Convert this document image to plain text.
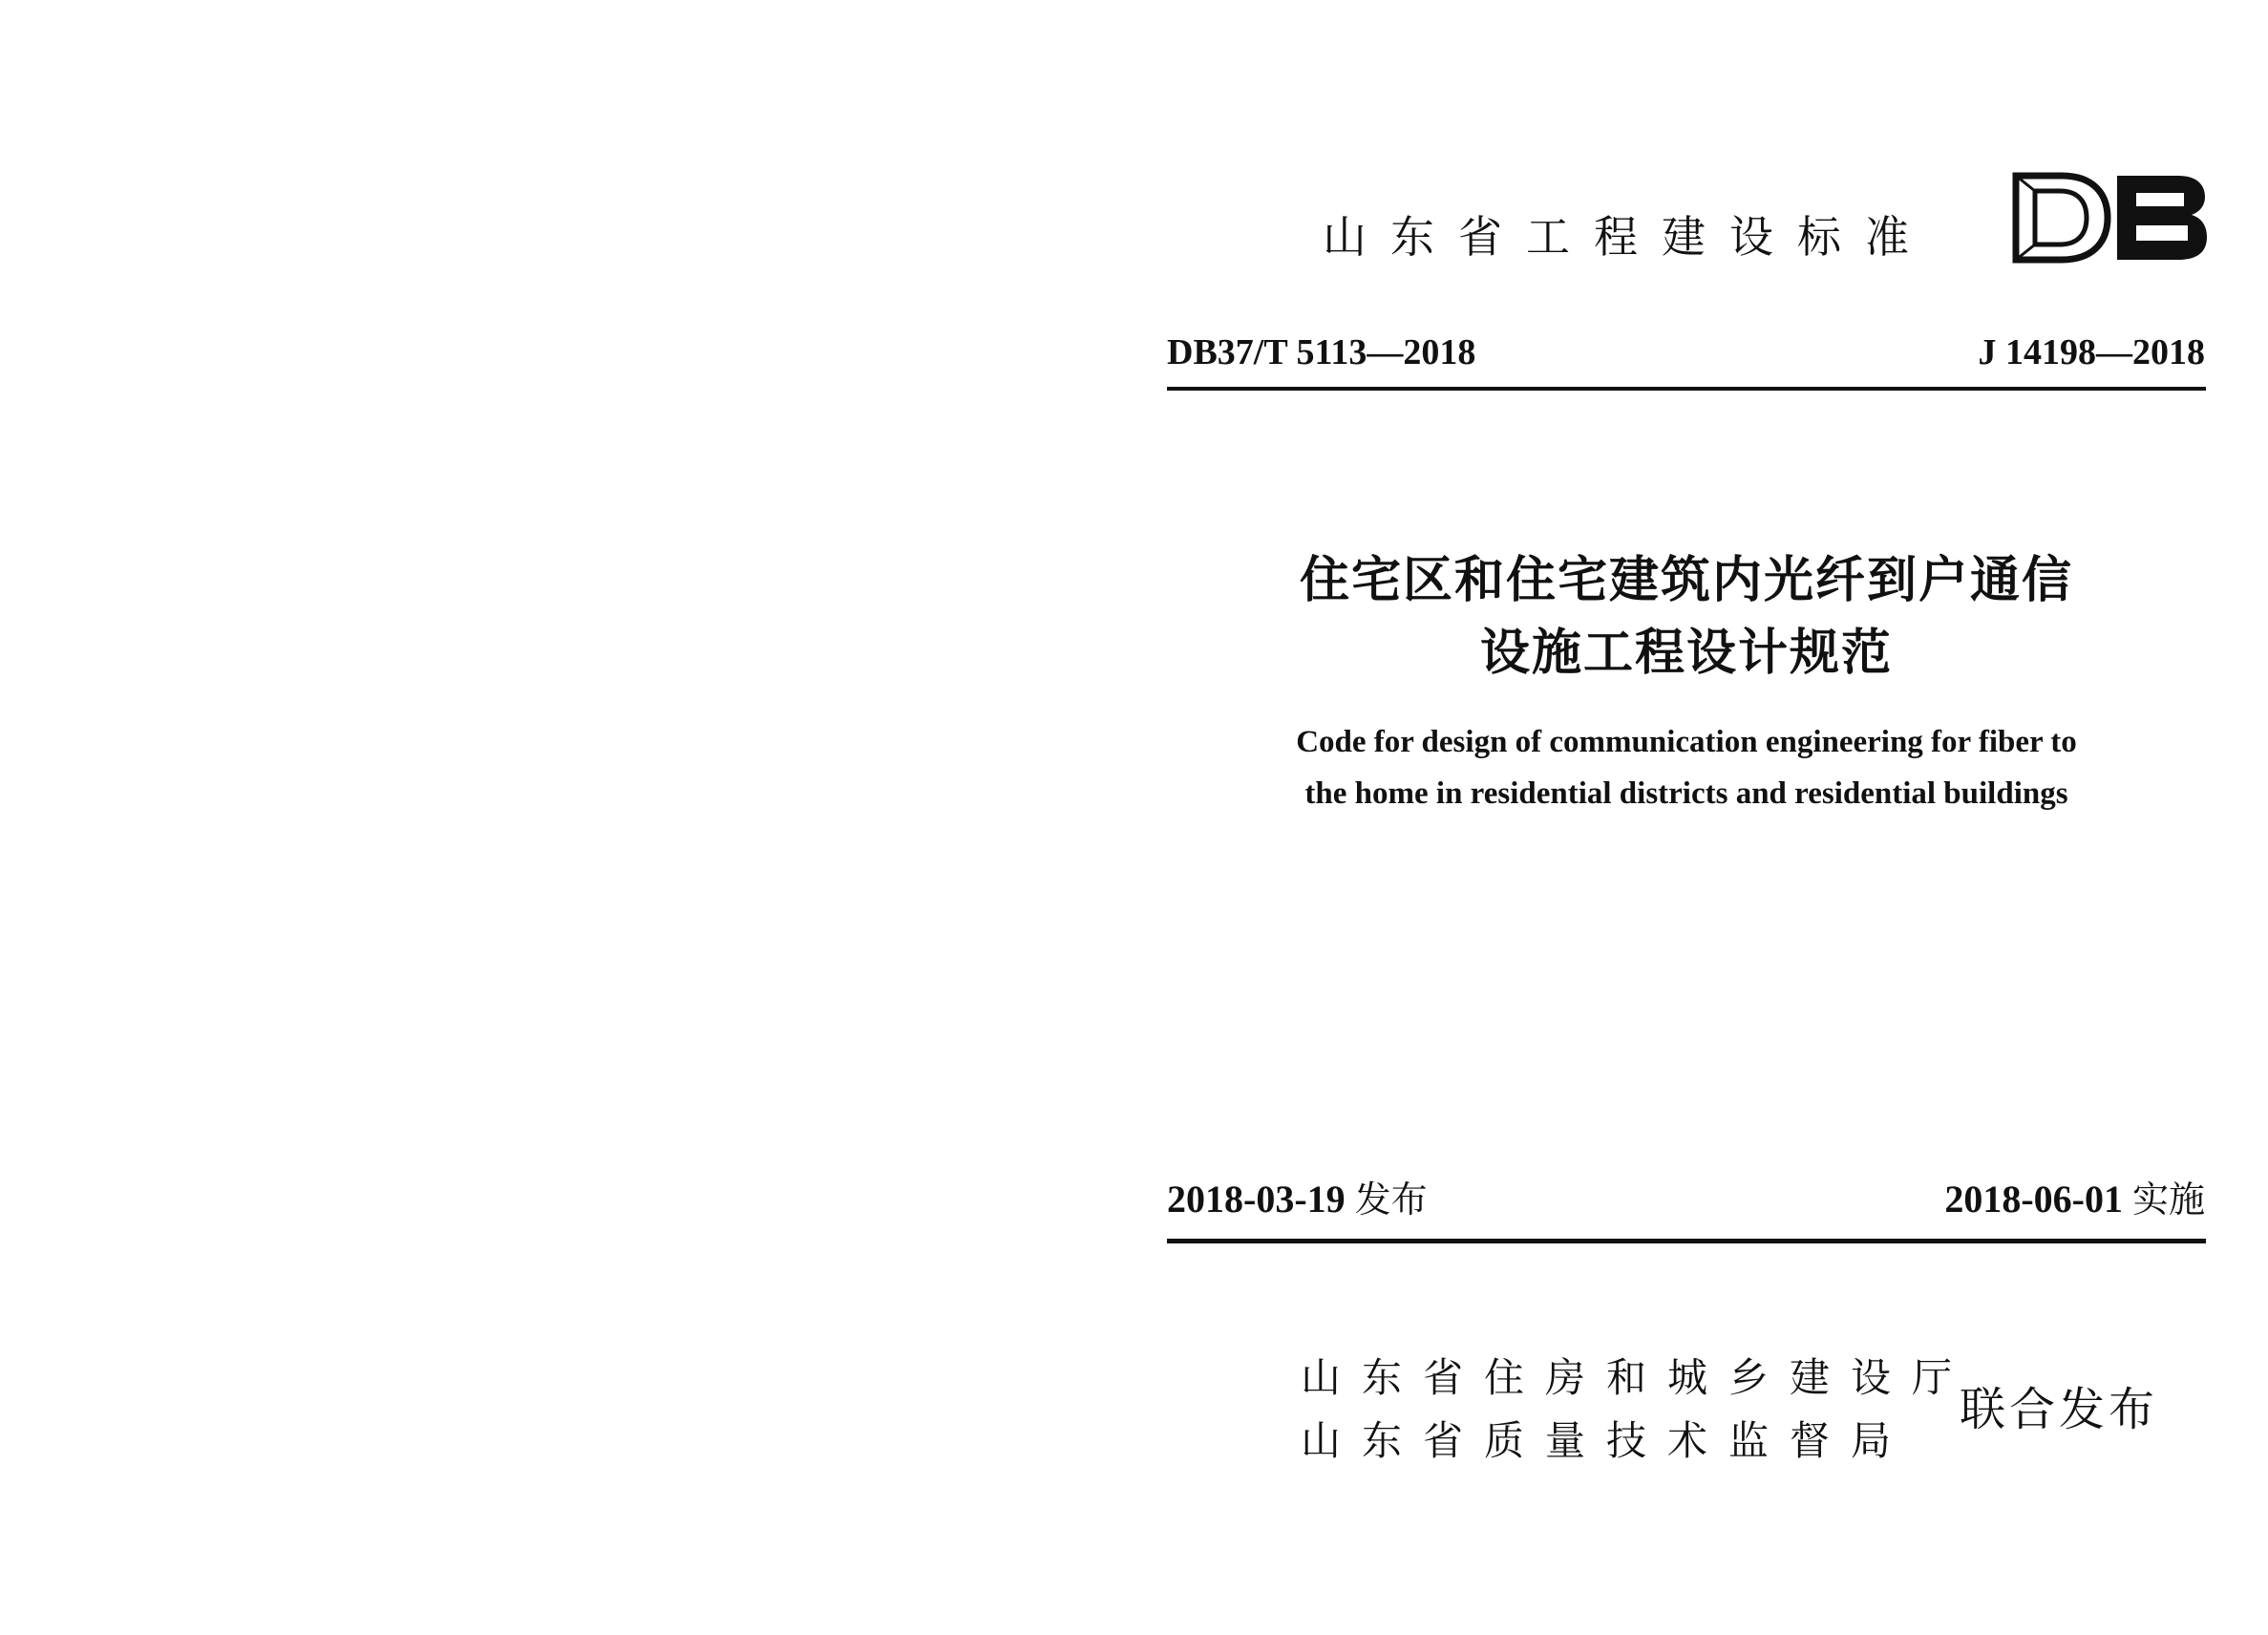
山东省工程建设标准
DB37/T 5113—2018	J 14198—2018
住宅区和住宅建筑内光纤到户通信
设施工程设计规范
Code for design of communication engineering for fiber to
the home in residential districts and residential buildings
2018-03-19 发布	2018-06-01 实施
山东省住房和城乡建设厅
山东省质量技术监督局
联合发布
